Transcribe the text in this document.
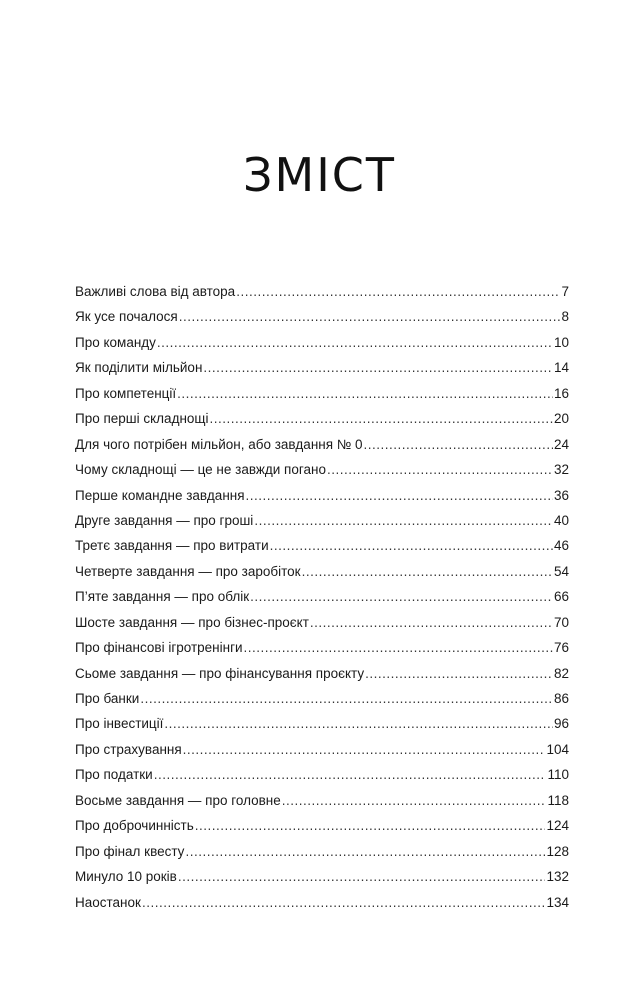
ЗМІСТ
Важливі слова від автора .....	7
Як усе почалося .....	8
Про команду .....	10
Як поділити мільйон .....	14
Про компетенції .....	16
Про перші складнощі .....	20
Для чого потрібен мільйон, або завдання № 0 .....	24
Чому складнощі — це не завжди погано .....	32
Перше командне завдання .....	36
Друге завдання — про гроші .....	40
Третє завдання — про витрати .....	46
Четверте завдання — про заробіток .....	54
П’яте завдання — про облік .....	66
Шосте завдання — про бізнес-проєкт .....	70
Про фінансові ігротренінги .....	76
Сьоме завдання — про фінансування проєкту .....	82
Про банки .....	86
Про інвестиції .....	96
Про страхування .....	104
Про податки .....	110
Восьме завдання — про головне .....	118
Про доброчинність .....	124
Про фінал квесту .....	128
Минуло 10 років .....	132
Наостанок .....	134
